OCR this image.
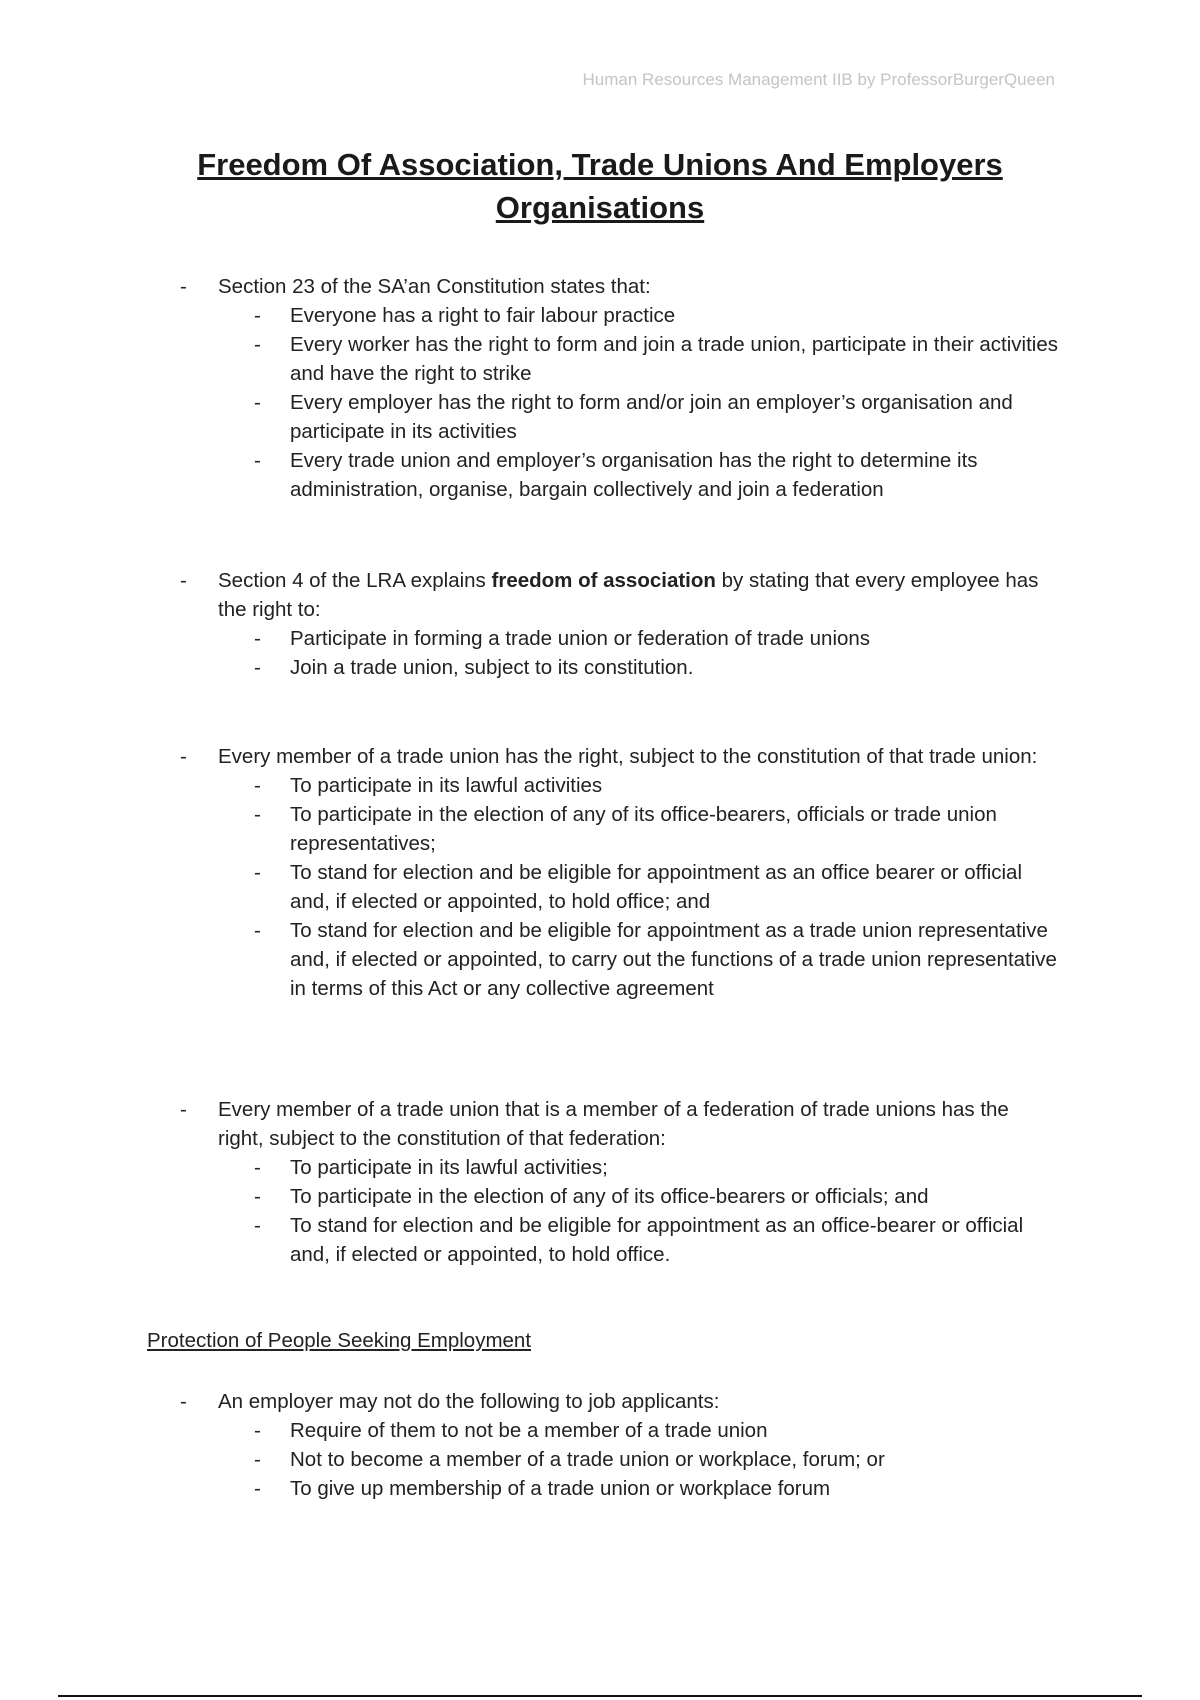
Human Resources Management IIB by ProfessorBurgerQueen
Freedom Of Association, Trade Unions And Employers
Organisations
- Section 23 of the SA’an Constitution states that:
- Everyone has a right to fair labour practice
- Every worker has the right to form and join a trade union, participate in their activities and have the right to strike
- Every employer has the right to form and/or join an employer’s organisation and participate in its activities
- Every trade union and employer’s organisation has the right to determine its administration, organise, bargain collectively and join a federation
- Section 4 of the LRA explains freedom of association by stating that every employee has the right to:
- Participate in forming a trade union or federation of trade unions
- Join a trade union, subject to its constitution.
- Every member of a trade union has the right, subject to the constitution of that trade union:
- To participate in its lawful activities
- To participate in the election of any of its office-bearers, officials or trade union representatives;
- To stand for election and be eligible for appointment as an office bearer or official and, if elected or appointed, to hold office; and
- To stand for election and be eligible for appointment as a trade union representative and, if elected or appointed, to carry out the functions of a trade union representative in terms of this Act or any collective agreement
- Every member of a trade union that is a member of a federation of trade unions has the right, subject to the constitution of that federation:
- To participate in its lawful activities;
- To participate in the election of any of its office-bearers or officials; and
- To stand for election and be eligible for appointment as an office-bearer or official and, if elected or appointed, to hold office.
Protection of People Seeking Employment
- An employer may not do the following to job applicants:
- Require of them to not be a member of a trade union
- Not to become a member of a trade union or workplace, forum; or
- To give up membership of a trade union or workplace forum
